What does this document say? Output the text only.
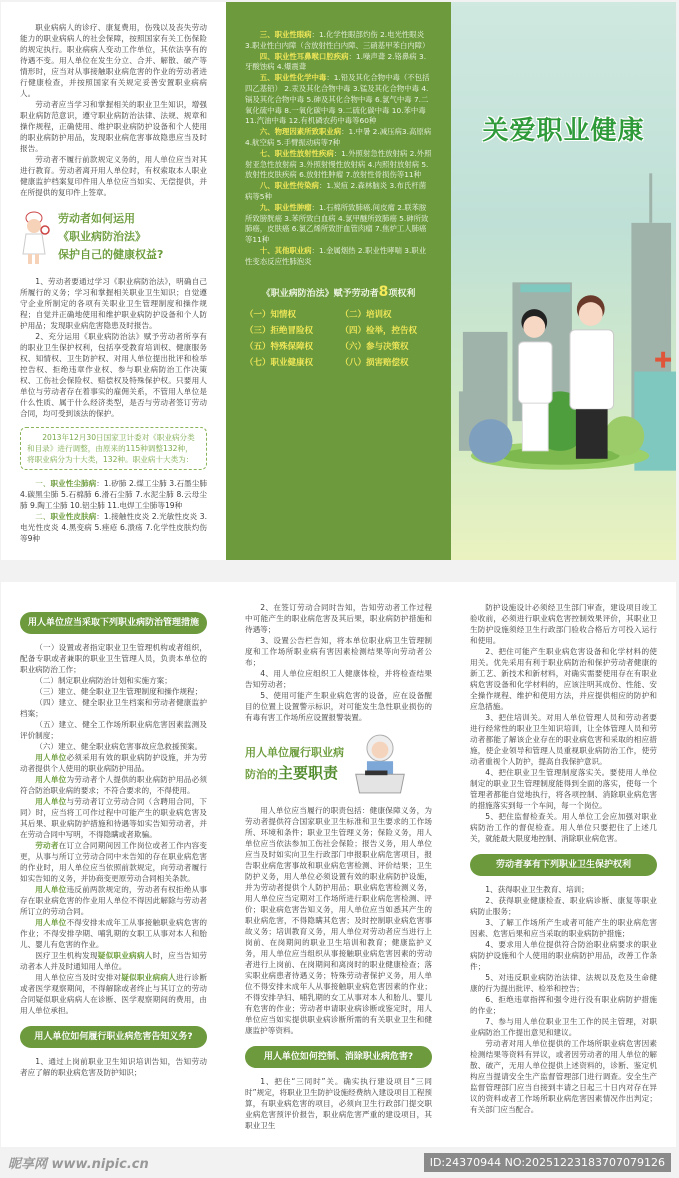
职业病病人的诊疗、康复费用，伤残以及丧失劳动能力的职业病病人的社会保障，按照国家有关工伤保险的规定执行。职业病病人变动工作单位，其依法享有的待遇不变。用人单位在发生分立、合并、解散、破产等情形时，应当对从事接触职业病危害的作业的劳动者进行健康检查，并按照国家有关规定妥善安置职业病病人。
劳动者应当学习和掌握相关的职业卫生知识，增强职业病防范意识，遵守职业病防治法律、法规、规章和操作规程，正确使用、维护职业病防护设备和个人使用的职业病防护用品，发现职业病危害事故隐患应当及时报告。
劳动者不履行前款规定义务的，用人单位应当对其进行教育。劳动者离开用人单位时，有权索取本人职业健康监护档案复印件用人单位应当如实、无偿提供，并在所提供的复印件上签章。
劳动者如何运用
《职业病防治法》
保护自己的健康权益?
1、劳动者要通过学习《职业病防治法》，明确自己所履行的义务；学习和掌握相关职业卫生知识；自觉遵守企业所制定的各项有关职业卫生管理制度和操作规程；自觉并正确地使用和维护职业病防护设备和个人防护用品；发现职业病危害隐患及时报告。
2、充分运用《职业病防治法》赋予劳动者所享有的职业卫生保护权利，包括享受教育培训权、健康服务权、知情权、卫生防护权、对用人单位提出批评和检举控告权、拒绝违章作业权、参与职业病防治工作决策权、工伤社会保险权、赔偿权及特殊保护权。只要用人单位与劳动者存在着事实的雇佣关系，不管用人单位是什么性质、属于什么经济类型，是否与劳动者签订劳动合同，均可受到该法的保护。
2013年12月30日国家卫计委对《职业病分类和目录》进行调整，由原来的115种调整132种，将职业病分为十大类，132种。职业病十大类为：
一、职业性尘肺病：1.矽肺 2.煤工尘肺 3.石墨尘肺 4.碳黑尘肺 5.石棉肺 6.滑石尘肺 7.水泥尘肺 8.云母尘肺 9.陶工尘肺 10.铝尘肺 11.电焊工尘肺等19种
二、职业性皮肤病：1.接触性皮炎 2.光敏性皮炎 3.电光性皮炎 4.黑变病 5.痤疮 6.溃疡 7.化学性皮肤灼伤等9种
三、职业性眼病：1.化学性眼部灼伤 2.电光性眼炎 3.职业性白内障（含放射性白内障、三硝基甲苯白内障）
四、职业性耳鼻喉口腔疾病：1.噪声聋 2.铬鼻病 3.牙酸蚀病 4.爆震聋
五、职业性化学中毒：1.铅及其化合物中毒（不包括四乙基铅） 2.汞及其化合物中毒 3.锰及其化合物中毒 4.镉及其化合物中毒 5.砷及其化合物中毒 6.氯气中毒 7.二氧化硫中毒 8.一氧化碳中毒 9.二硫化碳中毒 10.苯中毒 11.汽油中毒 12.有机磷农药中毒等60种
六、物理因素所致职业病：1.中暑 2.减压病3.高原病 4.航空病 5.手臂振动病等7种
七、职业性放射性疾病：1.外照射急性放射病 2.外照射亚急性放射病 3.外照射慢性放射病 4.内照射放射病 5.放射性皮肤疾病 6.放射性肿瘤 7.放射性骨损伤等11种
八、职业性传染病：1.炭疽 2.森林脑炎 3.布氏杆菌病等5种
九、职业性肿瘤：1.石棉所致肺癌.间皮瘤 2.联苯胺所致膀胱癌 3.苯所致白血病 4.氯甲醚所致肺癌 5.砷所致肺癌，皮肤癌 6.氯乙烯所致肝血管肉瘤 7.焦炉工人肺癌等11种
十、其他职业病：1.金属烟热 2.职业性哮喘 3.职业性变态反应性肺泡炎
《职业病防治法》赋予劳动者8项权利
（一）知情权	（二）培训权
（三）拒绝冒险权	（四）检举，控告权
（五）特殊保障权	（六）参与决策权
（七）职业健康权	（八）损害赔偿权
关爱职业健康
用人单位应当采取下列职业病防治管理措施
（一）设置或者指定职业卫生管理机构或者组织，配备专职或者兼职的职业卫生管理人员，负责本单位的职业病防治工作；
（二）制定职业病防治计划和实施方案；
（三）建立、健全职业卫生管理制度和操作规程；
（四）建立、健全职业卫生档案和劳动者健康监护档案；
（五）建立、健全工作场所职业病危害因素监测及评价制度；
（六）建立、健全职业病危害事故应急救援预案。
用人单位必须采用有效的职业病防护设施，并为劳动者提供个人使用的职业病防护用品。
用人单位为劳动者个人提供的职业病防护用品必须符合防治职业病的要求；不符合要求的，不得使用。
用人单位与劳动者订立劳动合同（含聘用合同，下同）时，应当将工可作过程中可能产生的职业病危害及其后果、职业病防护措施和待遇等如实告知劳动者，并在劳动合同中写明，不得隐瞒或者欺骗。
劳动者在订立合同期间因工作岗位或者工作内容变更，从事与所订立劳动合同中未告知的存在职业病危害的作业时，用人单位应当依照前款规定，向劳动者履行如实告知的义务，并协商变更原劳动合同相关条款。
用人单位违反前两款规定的，劳动者有权拒绝从事存在职业病危害的作业用人单位不得因此解除与劳动者所订立的劳动合同。
用人单位不得安排未成年工从事接触职业病危害的作业；不得安排孕期、哺乳期的女职工从事对本人和胎儿、婴儿有危害的作业。
医疗卫生机构发现疑似职业病病人时，应当告知劳动者本人并及时通知用人单位。
用人单位应当及时安排对疑似职业病病人进行诊断或者医学观察期间，不得解除或者终止与其订立的劳动合同疑似职业病病人在诊断、医学观察期间的费用，由用人单位承担。
用人单位如何履行职业病危害告知义务?
1、通过上岗前职业卫生知识培训告知，告知劳动者应了解的职业病危害及防护知识；
2、在签订劳动合同时告知，告知劳动者工作过程中可能产生的职业病危害及其后果，职业病防护措施和待遇等；
3、设置公告栏告知，将本单位职业病卫生管理制度和工作场所职业病有害因素检测结果等向劳动者公布；
4、用人单位应组织工人健康体检，并将检查结果告知劳动者；
5、使用可能产生职业病危害的设备，应在设备醒目的位置上设置警示标识，对可能发生急性职业损伤的有毒有害工作场所应设置报警装置。
用人单位履行职业病
防治的主要职责
用人单位应当履行的职责包括：健康保障义务，为劳动者提供符合国家职业卫生标准和卫生要求的工作场所、环境和条件；职业卫生管理义务；保险义务，用人单位应当依法参加工伤社会保险；报告义务，用人单位应当及时如实向卫生行政部门申报职业病危害项目，报告职业病危害事故和职业病危害检测、评价结果；卫生防护义务，用人单位必须设置有效的职业病防护设施，并为劳动者提供个人防护用品；职业病危害检测义务，用人单位应当定期对工作场所进行职业病危害检测、评价；职业病危害告知义务，用人单位应当如悉其产生的职业病危害，不得隐瞒其危害；及时控制职业病危害事故义务；培训教育义务，用人单位对劳动者应当进行上岗前、在岗期间的职业卫生培训和教育；健康监护义务，用人单位应当组织从事接触职业病危害因素的劳动者进行上岗前、在岗期间和离岗时的职业健康检查；落实职业病患者待遇义务；特殊劳动者保护义务，用人单位不得安排未成年人从事接触职业病危害因素的作业；不得安排孕妇、哺乳期的女工从事对本人和胎儿、婴儿有危害的作业；劳动者申请职业病诊断或鉴定时，用人单位应当如实提供职业病诊断所需的有关职业卫生和健康监护等资料。
用人单位如何控制、消除职业病危害?
1、把住“三同时”关。确实执行建设项目“三同时”规定，将职业卫生防护设施经费纳入建设项目工程预算，有职业病危害的项目，必须向卫生行政部门提交职业病危害预评价报告，职业病危害严重的建设项目，其职业卫生
防护设施设计必须经卫生部门审查，建设项目竣工验收前，必须进行职业病危害控制效果评价，其职业卫生防护设施须经卫生行政部门验收合格后方可投入运行和使用。
2、把住可能产生职业病危害设备和化学材料的使用关。优先采用有利于职业病防治和保护劳动者健康的新工艺、新技术和新材料，对确实需要使用存在有职业病危害设备和化学材料的，应该注明其成份、性能、安全操作规程、维护和使用方法，并应提供相应的防护和应急措施。
3、把住培训关。对用人单位管理人员和劳动者要进行经常性的职业卫生知识培训，让全体管理人员和劳动者都能了解该企业存在的职业病危害和采取的相应措施，使企业领导和管理人员重视职业病防治工作，使劳动者重视个人防护，提高自我保护意识。
4、把住职业卫生管理制度落实关。要使用人单位制定的职业卫生管理制度能得到全面的落实，使每一个管理者都能自觉地执行，将各项控制、消除职业病危害的措施落实到每一个车间，每一个岗位。
5、把住监督检查关。用人单位工会应加强对职业病防治工作的督促检查。用人单位只要把住了上述几关，就能最大限度地控制、消除职业病危害。
劳动者享有下列职业卫生保护权利
1、获得职业卫生教育、培训；
2、获得职业健康检查、职业病诊断、康复等职业病防止服务；
3、了解工作场所产生或者可能产生的职业病危害因素、危害后果和应当采取的职业病防护措施；
4、要求用人单位提供符合防治职业病要求的职业病防护设施和个人使用的职业病防护用品，改善工作条件；
5、对违反职业病防治法律、法规以及危及生命健康的行为提出批评、检举和控告；
6、拒绝违章指挥和强令进行没有职业病防护措施的作业；
7、参与用人单位职业卫生工作的民主管理，对职业病防治工作提出意见和建议。
劳动者对用人单位提供的工作场所职业病危害因素检测结果等资料有异议，或者因劳动者的用人单位的解散、破产，无用人单位提供上述资料的，诊断、鉴定机构应当提请安全生产监督管理部门进行调查。安全生产监督管理部门应当自接到丰请之日起三十日内对存在异议的资料或者工作场所职业病危害因素情况作出判定；有关部门应当配合。
昵享网 www.nipic.cn	ID:24370944 NO:20251223183707079126
